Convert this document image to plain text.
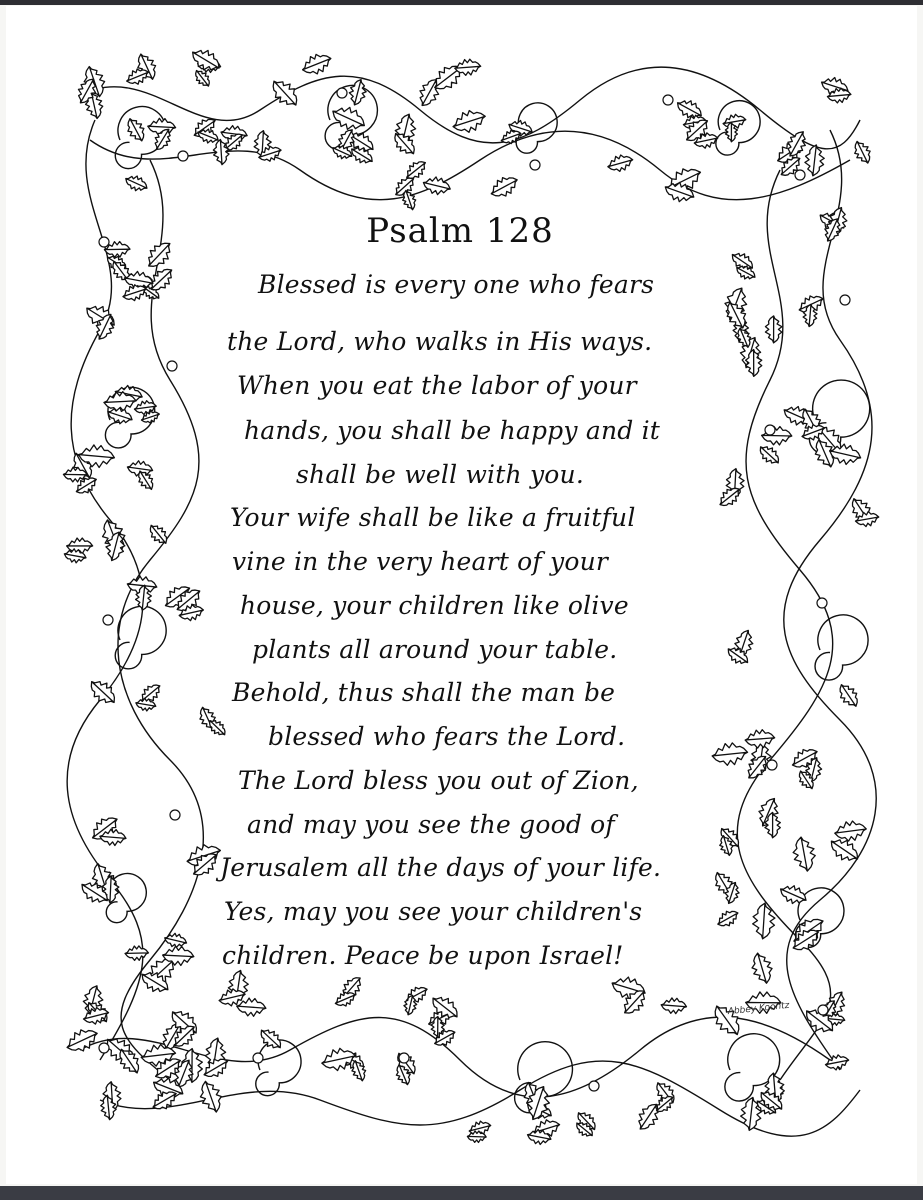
Psalm 128
Blessed is every one who fears
the Lord, who walks in His ways.
When you eat the labor of your
hands, you shall be happy and it
shall be well with you.
Your wife shall be like a fruitful
vine in the very heart of your
house, your children like olive
plants all around your table.
Behold, thus shall the man be
blessed who fears the Lord.
The Lord bless you out of Zion,
and may you see the good of
Jerusalem all the days of your life.
Yes, may you see your children's
children. Peace be upon Israel!
Abbey Koontz
